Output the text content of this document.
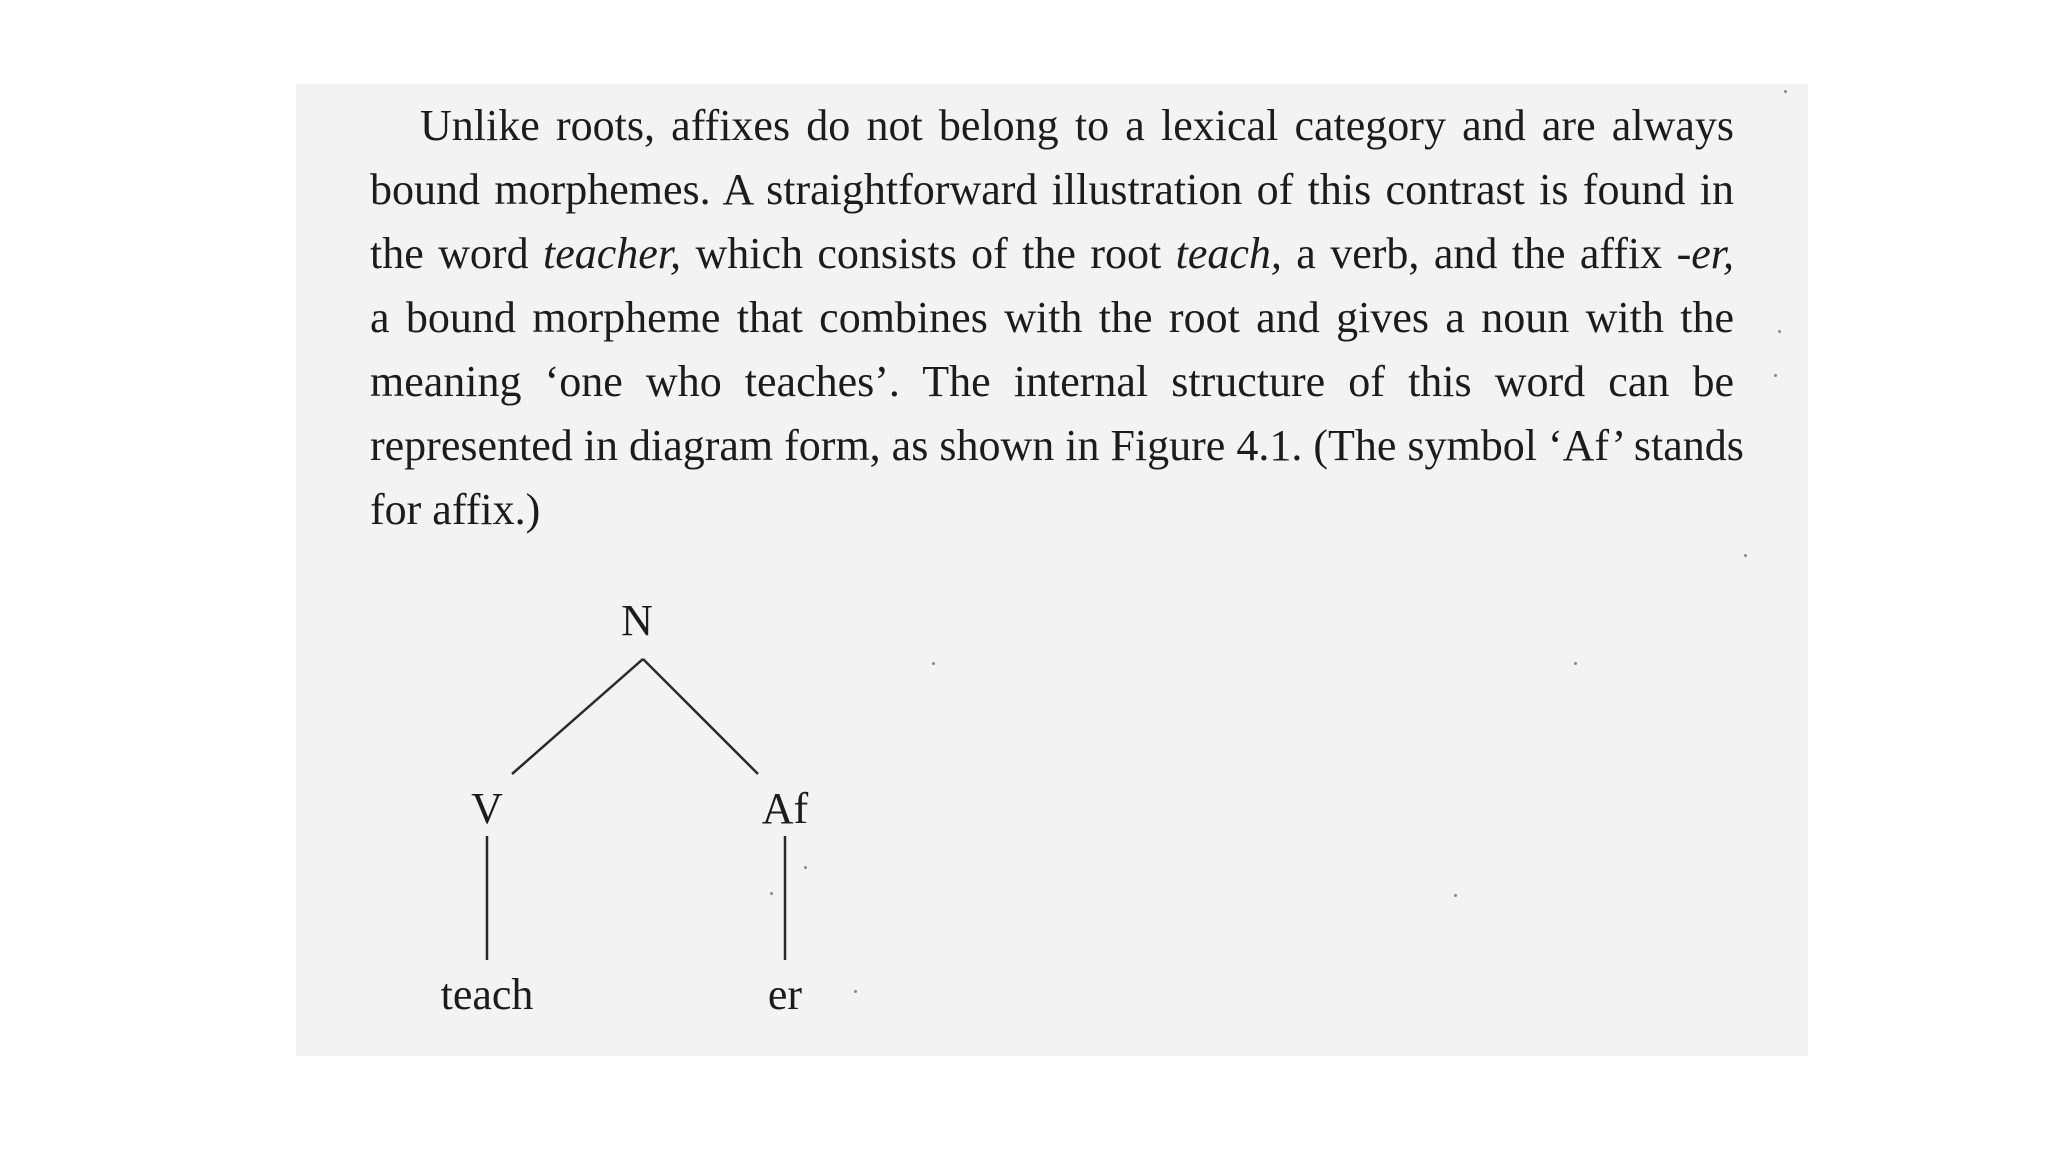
Unlike roots, affixes do not belong to a lexical category and are always
bound morphemes. A straightforward illustration of this contrast is found in
the word teacher, which consists of the root teach, a verb, and the affix -er,
a bound morpheme that combines with the root and gives a noun with the
meaning ‘one who teaches’. The internal structure of this word can be
represented in diagram form, as shown in Figure 4.1. (The symbol ‘Af’ stands
for affix.)
N
V	Af
teach	er
